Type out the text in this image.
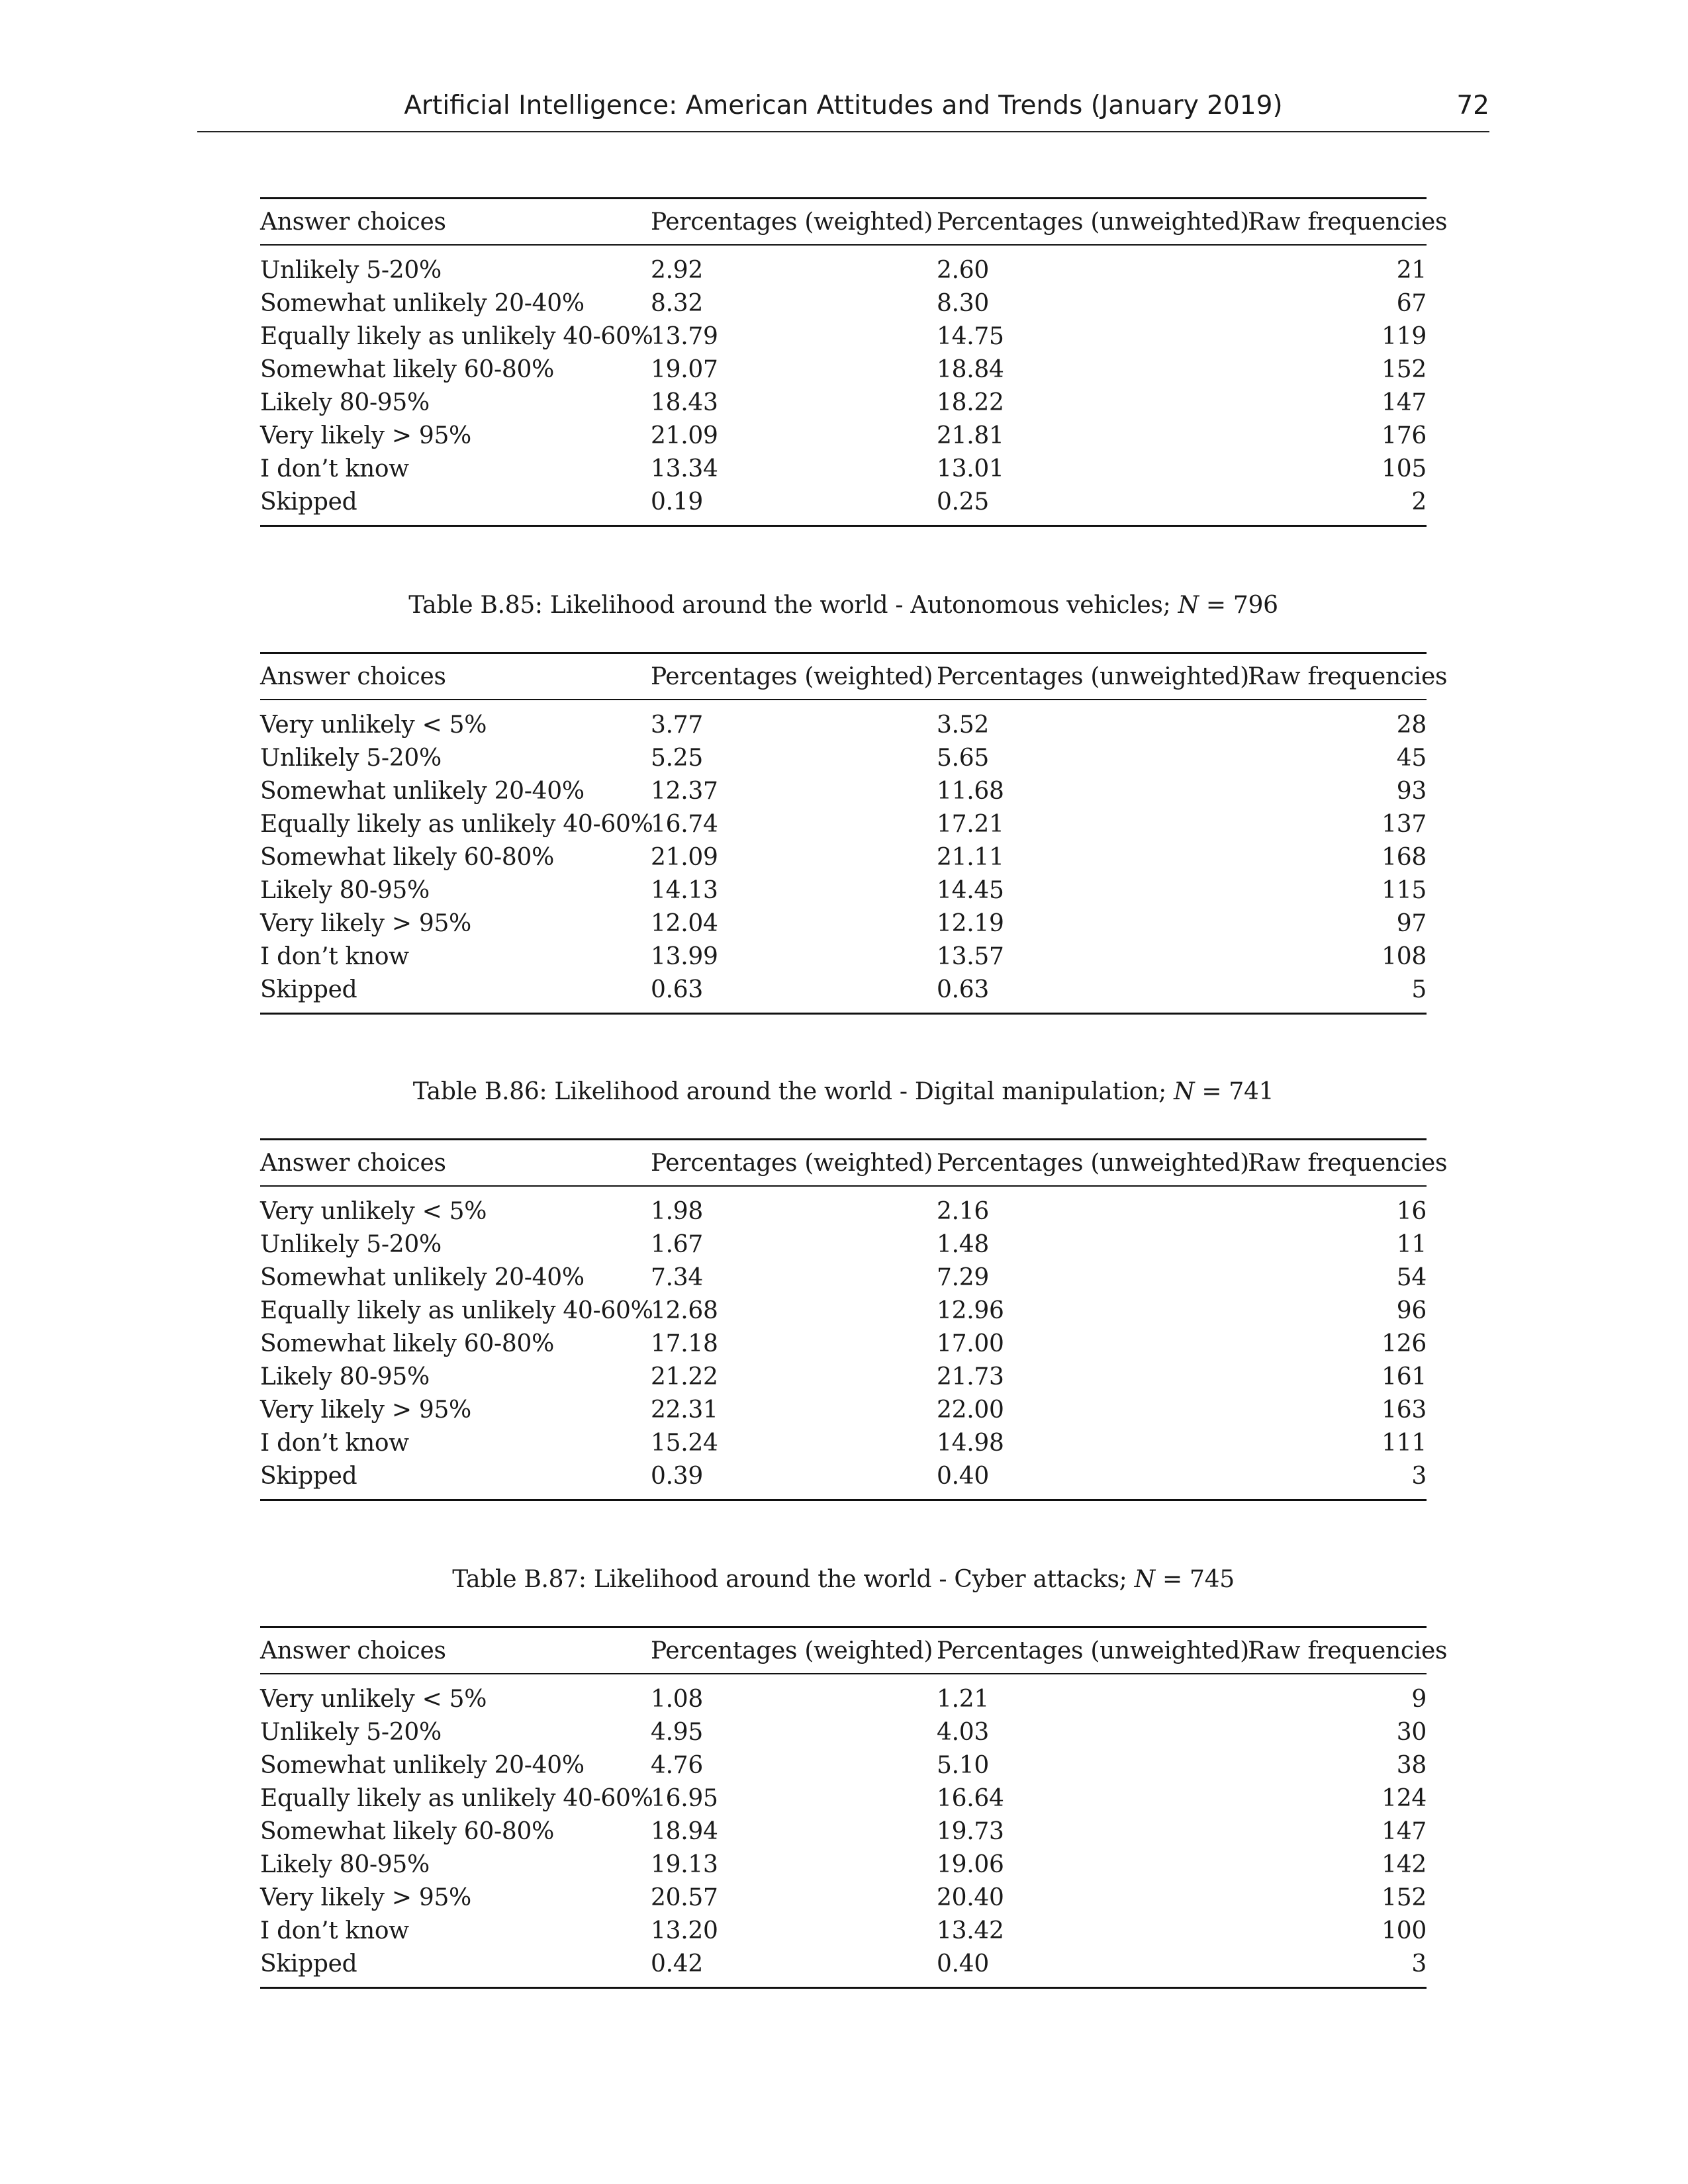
Artificial Intelligence: American Attitudes and Trends (January 2019)	72
Answer choices	Percentages (weighted)	Percentages (unweighted)	Raw frequencies
Unlikely 5-20%	2.92	2.60	21
Somewhat unlikely 20-40%	8.32	8.30	67
Equally likely as unlikely 40-60%	13.79	14.75	119
Somewhat likely 60-80%	19.07	18.84	152
Likely 80-95%	18.43	18.22	147
Very likely > 95%	21.09	21.81	176
I don’t know	13.34	13.01	105
Skipped	0.19	0.25	2
Table B.85: Likelihood around the world - Autonomous vehicles; N = 796
Answer choices	Percentages (weighted)	Percentages (unweighted)	Raw frequencies
Very unlikely < 5%	3.77	3.52	28
Unlikely 5-20%	5.25	5.65	45
Somewhat unlikely 20-40%	12.37	11.68	93
Equally likely as unlikely 40-60%	16.74	17.21	137
Somewhat likely 60-80%	21.09	21.11	168
Likely 80-95%	14.13	14.45	115
Very likely > 95%	12.04	12.19	97
I don’t know	13.99	13.57	108
Skipped	0.63	0.63	5
Table B.86: Likelihood around the world - Digital manipulation; N = 741
Answer choices	Percentages (weighted)	Percentages (unweighted)	Raw frequencies
Very unlikely < 5%	1.98	2.16	16
Unlikely 5-20%	1.67	1.48	11
Somewhat unlikely 20-40%	7.34	7.29	54
Equally likely as unlikely 40-60%	12.68	12.96	96
Somewhat likely 60-80%	17.18	17.00	126
Likely 80-95%	21.22	21.73	161
Very likely > 95%	22.31	22.00	163
I don’t know	15.24	14.98	111
Skipped	0.39	0.40	3
Table B.87: Likelihood around the world - Cyber attacks; N = 745
Answer choices	Percentages (weighted)	Percentages (unweighted)	Raw frequencies
Very unlikely < 5%	1.08	1.21	9
Unlikely 5-20%	4.95	4.03	30
Somewhat unlikely 20-40%	4.76	5.10	38
Equally likely as unlikely 40-60%	16.95	16.64	124
Somewhat likely 60-80%	18.94	19.73	147
Likely 80-95%	19.13	19.06	142
Very likely > 95%	20.57	20.40	152
I don’t know	13.20	13.42	100
Skipped	0.42	0.40	3
